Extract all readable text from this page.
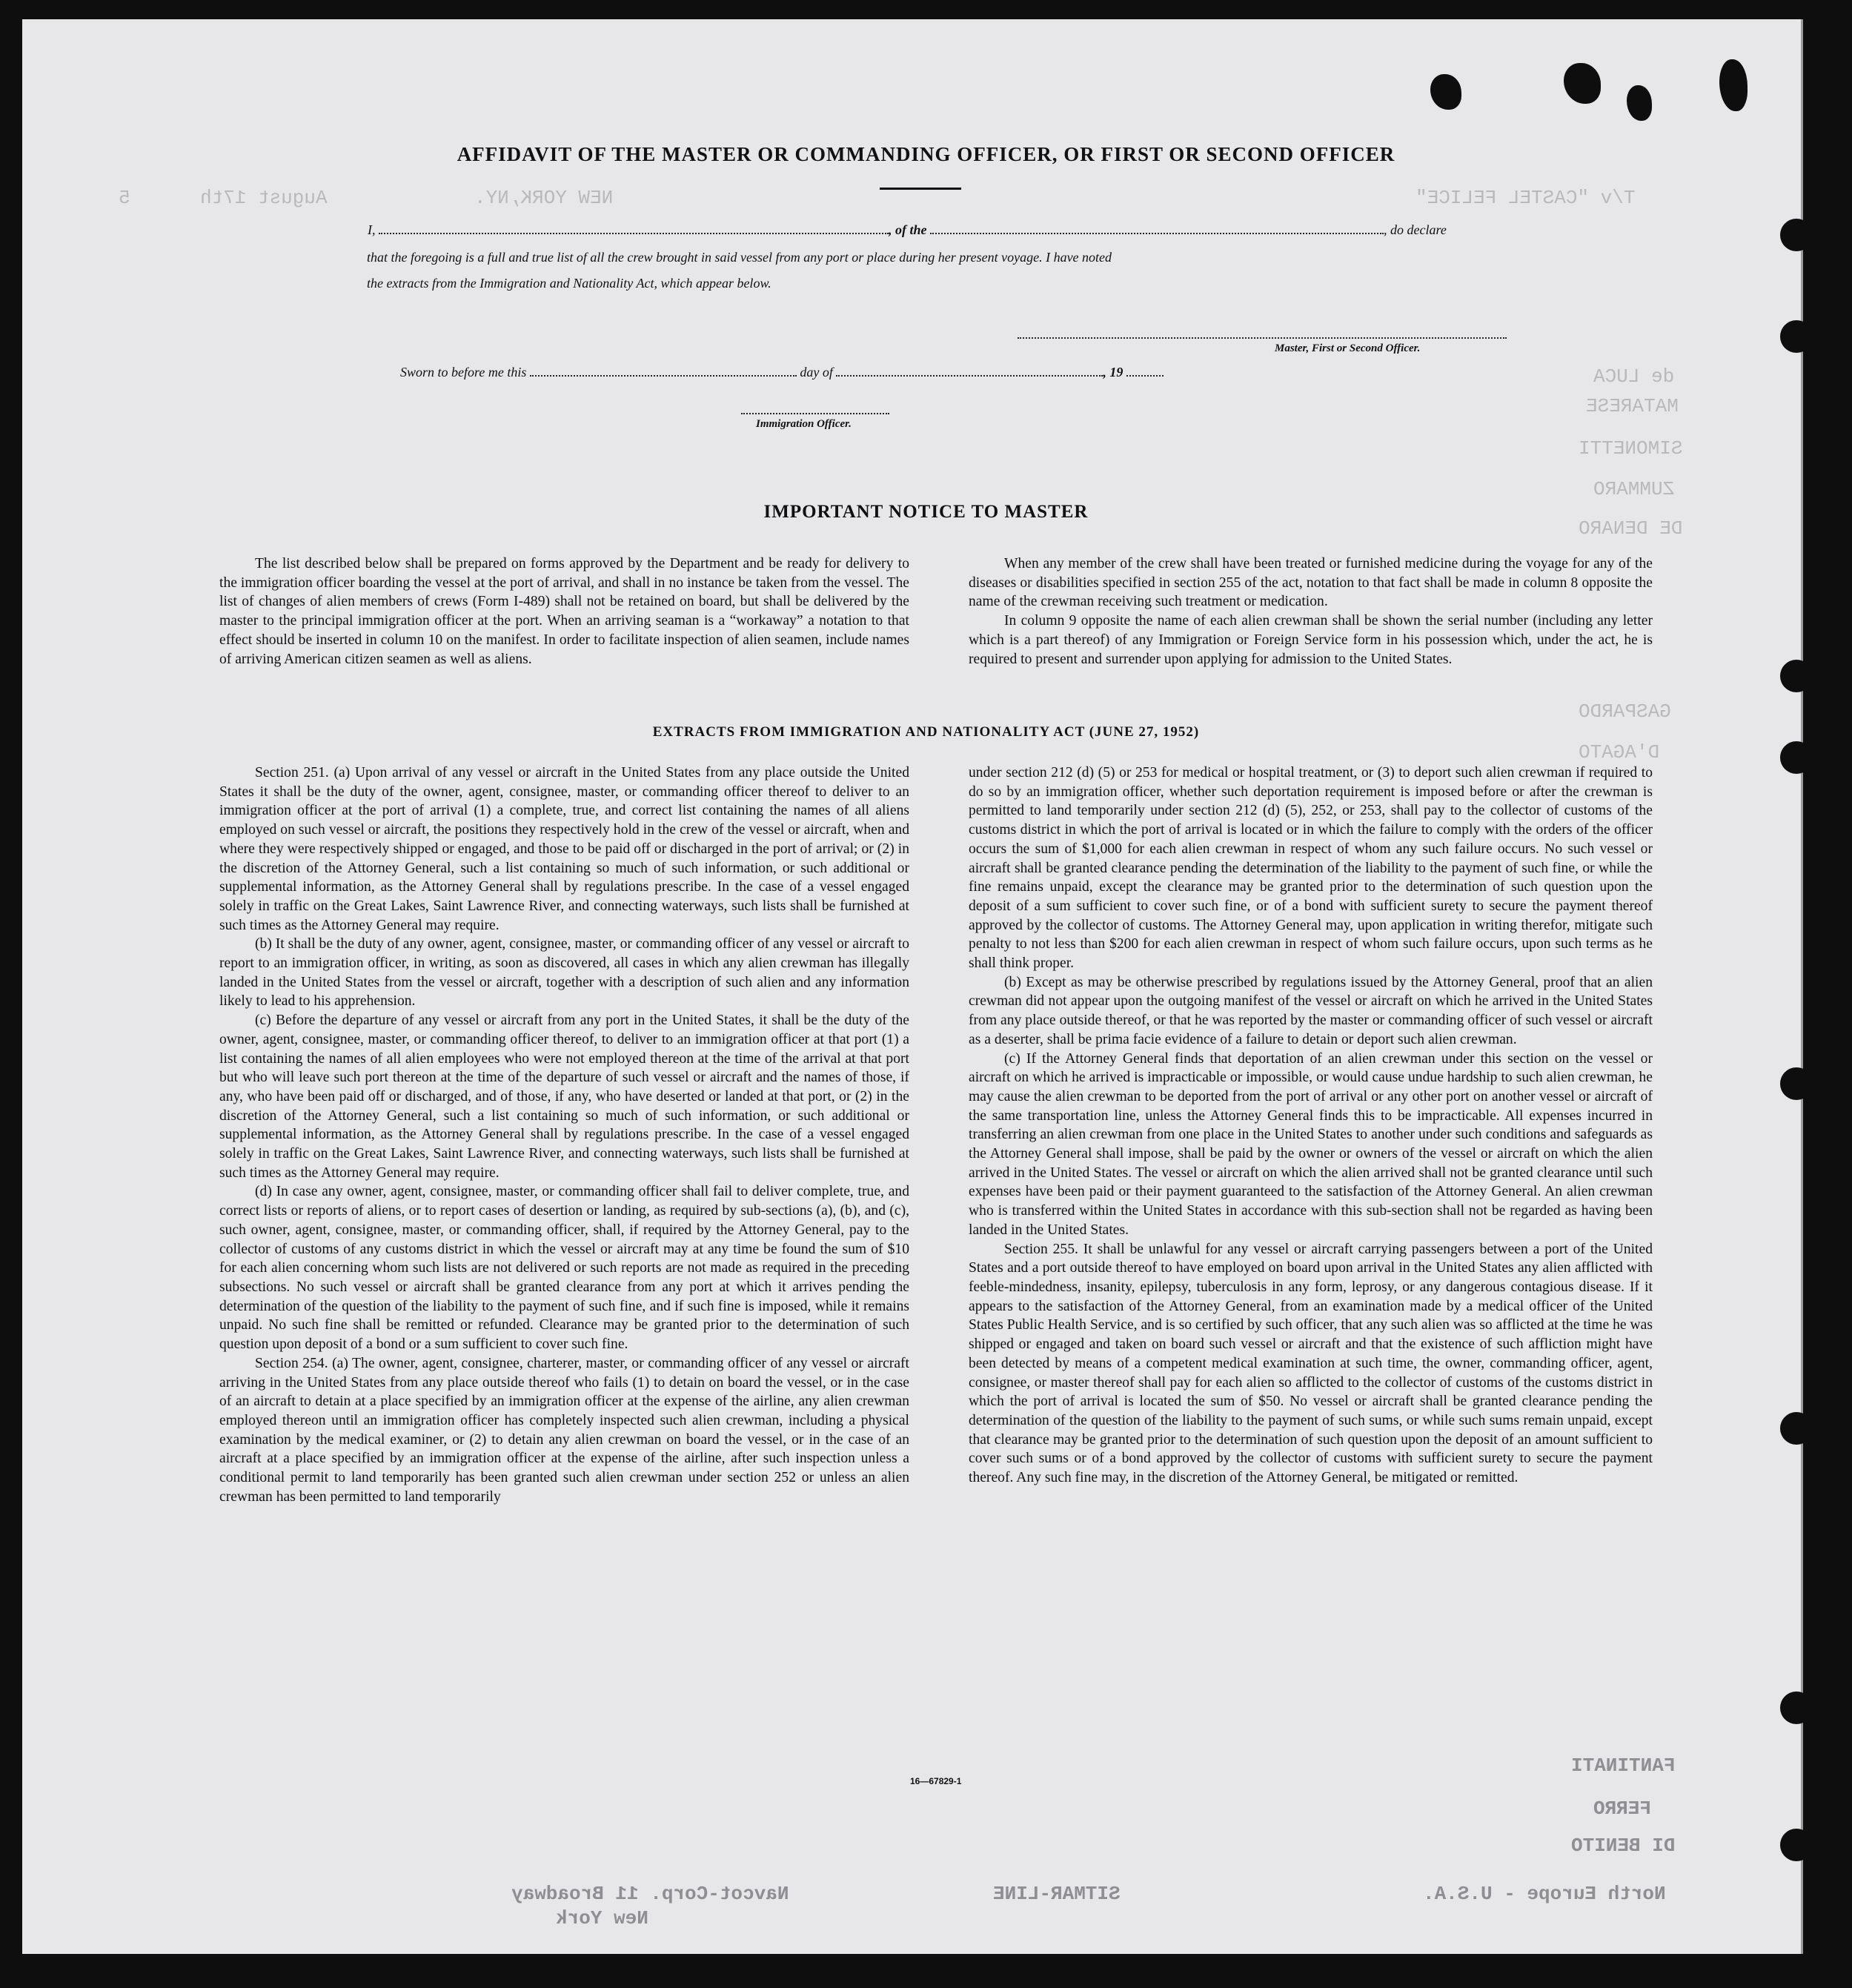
T/v "CASTEL FELICE"
NEW YORK,NY.
August 17th
5
de LUCA
MATARESE
SIMONETTI
ZUMMARO
DE DENARO
GASPARDO
D'AGATO
FANTINATI
FERRO
DI BENITO
North Europe - U.S.A.
SITMAR-LINE
Navcot-Corp. 11 Broadway
New York
AFFIDAVIT OF THE MASTER OR COMMANDING OFFICER, OR FIRST OR SECOND OFFICER
I,	, of the	, do declare
that the foregoing is a full and true list of all the crew brought in said vessel from any port or place during her present voyage. I have noted
the extracts from the Immigration and Nationality Act, which appear below.
Master, First or Second Officer.
Sworn to before me this	day of	, 19
Immigration Officer.
IMPORTANT NOTICE TO MASTER

The list described below shall be prepared on forms approved by the Department and be ready for delivery to the immigration officer boarding the vessel at the port of arrival, and shall in no instance be taken from the vessel. The list of changes of alien members of crews (Form I-489) shall not be retained on board, but shall be delivered by the master to the principal immigration officer at the port. When an arriving seaman is a “workaway” a notation to that effect should be inserted in column 10 on the manifest. In order to facilitate inspection of alien seamen, include names of arriving American citizen seamen as well as aliens.

When any member of the crew shall have been treated or furnished medicine during the voyage for any of the diseases or disabilities specified in section 255 of the act, notation to that fact shall be made in column 8 opposite the name of the crewman receiving such treatment or medication.

In column 9 opposite the name of each alien crewman shall be shown the serial number (including any letter which is a part thereof) of any Immigration or Foreign Service form in his possession which, under the act, he is required to present and surrender upon applying for admission to the United States.

EXTRACTS FROM IMMIGRATION AND NATIONALITY ACT (JUNE 27, 1952)

Section 251. (a) Upon arrival of any vessel or aircraft in the United States from any place outside the United States it shall be the duty of the owner, agent, consignee, master, or commanding officer thereof to deliver to an immigration officer at the port of arrival (1) a complete, true, and correct list containing the names of all aliens employed on such vessel or aircraft, the positions they respectively hold in the crew of the vessel or aircraft, when and where they were respectively shipped or engaged, and those to be paid off or discharged in the port of arrival; or (2) in the discretion of the Attorney General, such a list containing so much of such information, or such additional or supplemental information, as the Attorney General shall by regulations prescribe. In the case of a vessel engaged solely in traffic on the Great Lakes, Saint Lawrence River, and connecting waterways, such lists shall be furnished at such times as the Attorney General may require.

(b) It shall be the duty of any owner, agent, consignee, master, or commanding officer of any vessel or aircraft to report to an immigration officer, in writing, as soon as discovered, all cases in which any alien crewman has illegally landed in the United States from the vessel or aircraft, together with a description of such alien and any information likely to lead to his apprehension.

(c) Before the departure of any vessel or aircraft from any port in the United States, it shall be the duty of the owner, agent, consignee, master, or commanding officer thereof, to deliver to an immigration officer at that port (1) a list containing the names of all alien employees who were not employed thereon at the time of the arrival at that port but who will leave such port thereon at the time of the departure of such vessel or aircraft and the names of those, if any, who have been paid off or discharged, and of those, if any, who have deserted or landed at that port, or (2) in the discretion of the Attorney General, such a list containing so much of such information, or such additional or supplemental information, as the Attorney General shall by regulations prescribe. In the case of a vessel engaged solely in traffic on the Great Lakes, Saint Lawrence River, and connecting waterways, such lists shall be furnished at such times as the Attorney General may require.

(d) In case any owner, agent, consignee, master, or commanding officer shall fail to deliver complete, true, and correct lists or reports of aliens, or to report cases of desertion or landing, as required by sub-sections (a), (b), and (c), such owner, agent, consignee, master, or commanding officer, shall, if required by the Attorney General, pay to the collector of customs of any customs district in which the vessel or aircraft may at any time be found the sum of $10 for each alien concerning whom such lists are not delivered or such reports are not made as required in the preceding subsections. No such vessel or aircraft shall be granted clearance from any port at which it arrives pending the determination of the question of the liability to the payment of such fine, and if such fine is imposed, while it remains unpaid. No such fine shall be remitted or refunded. Clearance may be granted prior to the determination of such question upon deposit of a bond or a sum sufficient to cover such fine.

Section 254. (a) The owner, agent, consignee, charterer, master, or commanding officer of any vessel or aircraft arriving in the United States from any place outside thereof who fails (1) to detain on board the vessel, or in the case of an aircraft to detain at a place specified by an immigration officer at the expense of the airline, any alien crewman employed thereon until an immigration officer has completely inspected such alien crewman, including a physical examination by the medical examiner, or (2) to detain any alien crewman on board the vessel, or in the case of an aircraft at a place specified by an immigration officer at the expense of the airline, after such inspection unless a conditional permit to land temporarily has been granted such alien crewman under section 252 or unless an alien crewman has been permitted to land temporarily

under section 212 (d) (5) or 253 for medical or hospital treatment, or (3) to deport such alien crewman if required to do so by an immigration officer, whether such deportation requirement is imposed before or after the crewman is permitted to land temporarily under section 212 (d) (5), 252, or 253, shall pay to the collector of customs of the customs district in which the port of arrival is located or in which the failure to comply with the orders of the officer occurs the sum of $1,000 for each alien crewman in respect of whom any such failure occurs. No such vessel or aircraft shall be granted clearance pending the determination of the liability to the payment of such fine, or while the fine remains unpaid, except the clearance may be granted prior to the determination of such question upon the deposit of a sum sufficient to cover such fine, or of a bond with sufficient surety to secure the payment thereof approved by the collector of customs. The Attorney General may, upon application in writing therefor, mitigate such penalty to not less than $200 for each alien crewman in respect of whom such failure occurs, upon such terms as he shall think proper.

(b) Except as may be otherwise prescribed by regulations issued by the Attorney General, proof that an alien crewman did not appear upon the outgoing manifest of the vessel or aircraft on which he arrived in the United States from any place outside thereof, or that he was reported by the master or commanding officer of such vessel or aircraft as a deserter, shall be prima facie evidence of a failure to detain or deport such alien crewman.

(c) If the Attorney General finds that deportation of an alien crewman under this section on the vessel or aircraft on which he arrived is impracticable or impossible, or would cause undue hardship to such alien crewman, he may cause the alien crewman to be deported from the port of arrival or any other port on another vessel or aircraft of the same transportation line, unless the Attorney General finds this to be impracticable. All expenses incurred in transferring an alien crewman from one place in the United States to another under such conditions and safeguards as the Attorney General shall impose, shall be paid by the owner or owners of the vessel or aircraft on which the alien arrived in the United States. The vessel or aircraft on which the alien arrived shall not be granted clearance until such expenses have been paid or their payment guaranteed to the satisfaction of the Attorney General. An alien crewman who is transferred within the United States in accordance with this sub-section shall not be regarded as having been landed in the United States.

Section 255. It shall be unlawful for any vessel or aircraft carrying passengers between a port of the United States and a port outside thereof to have employed on board upon arrival in the United States any alien afflicted with feeble-mindedness, insanity, epilepsy, tuberculosis in any form, leprosy, or any dangerous contagious disease. If it appears to the satisfaction of the Attorney General, from an examination made by a medical officer of the United States Public Health Service, and is so certified by such officer, that any such alien was so afflicted at the time he was shipped or engaged and taken on board such vessel or aircraft and that the existence of such affliction might have been detected by means of a competent medical examination at such time, the owner, commanding officer, agent, consignee, or master thereof shall pay for each alien so afflicted to the collector of customs of the customs district in which the port of arrival is located the sum of $50. No vessel or aircraft shall be granted clearance pending the determination of the question of the liability to the payment of such sums, or while such sums remain unpaid, except that clearance may be granted prior to the determination of such question upon the deposit of an amount sufficient to cover such sums or of a bond approved by the collector of customs with sufficient surety to secure the payment thereof. Any such fine may, in the discretion of the Attorney General, be mitigated or remitted.

16—67829-1
